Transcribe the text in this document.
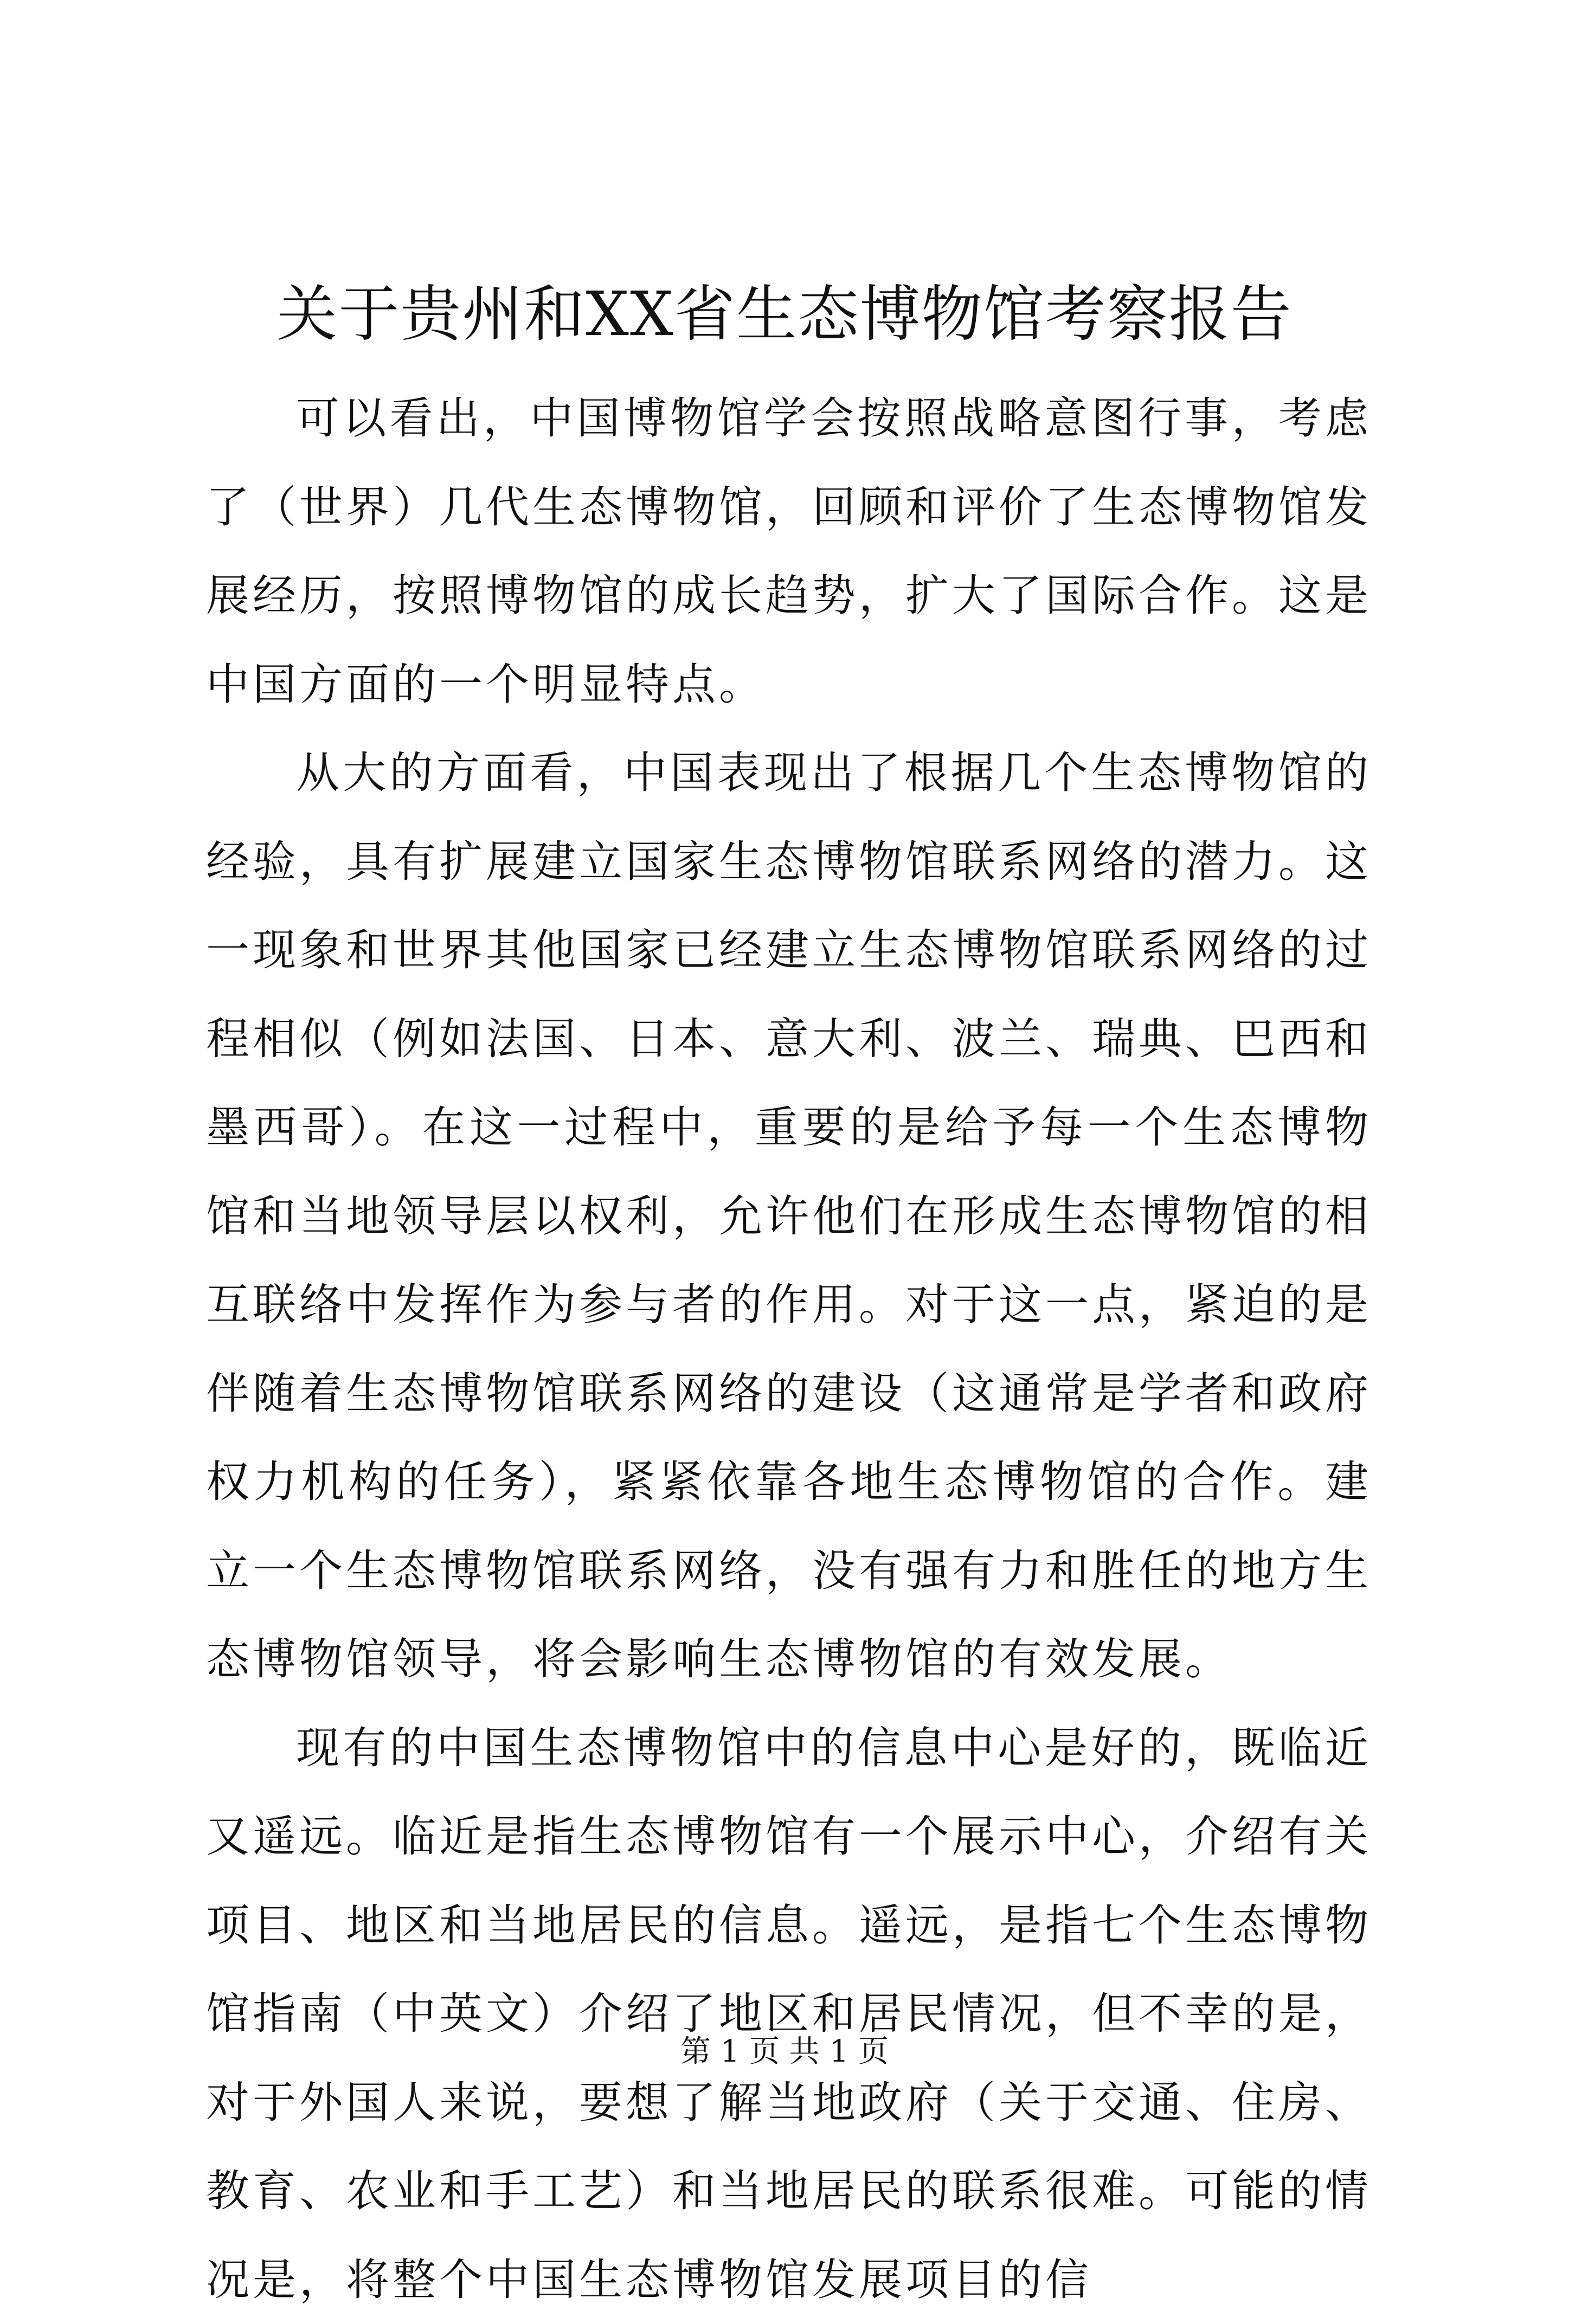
关于贵州和XX省生态博物馆考察报告

可以看出，中国博物馆学会按照战略意图行事，考虑了（世界）几代生态博物馆，回顾和评价了生态博物馆发展经历，按照博物馆的成长趋势，扩大了国际合作。这是中国方面的一个明显特点。

从大的方面看，中国表现出了根据几个生态博物馆的经验，具有扩展建立国家生态博物馆联系网络的潜力。这一现象和世界其他国家已经建立生态博物馆联系网络的过程相似（例如法国、日本、意大利、波兰、瑞典、巴西和墨西哥）。在这一过程中，重要的是给予每一个生态博物馆和当地领导层以权利，允许他们在形成生态博物馆的相互联络中发挥作为参与者的作用。对于这一点，紧迫的是伴随着生态博物馆联系网络的建设（这通常是学者和政府权力机构的任务），紧紧依靠各地生态博物馆的合作。建立一个生态博物馆联系网络，没有强有力和胜任的地方生态博物馆领导，将会影响生态博物馆的有效发展。

现有的中国生态博物馆中的信息中心是好的，既临近又遥远。临近是指生态博物馆有一个展示中心，介绍有关项目、地区和当地居民的信息。遥远，是指七个生态博物馆指南（中英文）介绍了地区和居民情况，但不幸的是，对于外国人来说，要想了解当地政府（关于交通、住房、教育、农业和手工艺）和当地居民的联系很难。可能的情况是，将整个中国生态博物馆发展项目的信

第 1 页 共 1 页
